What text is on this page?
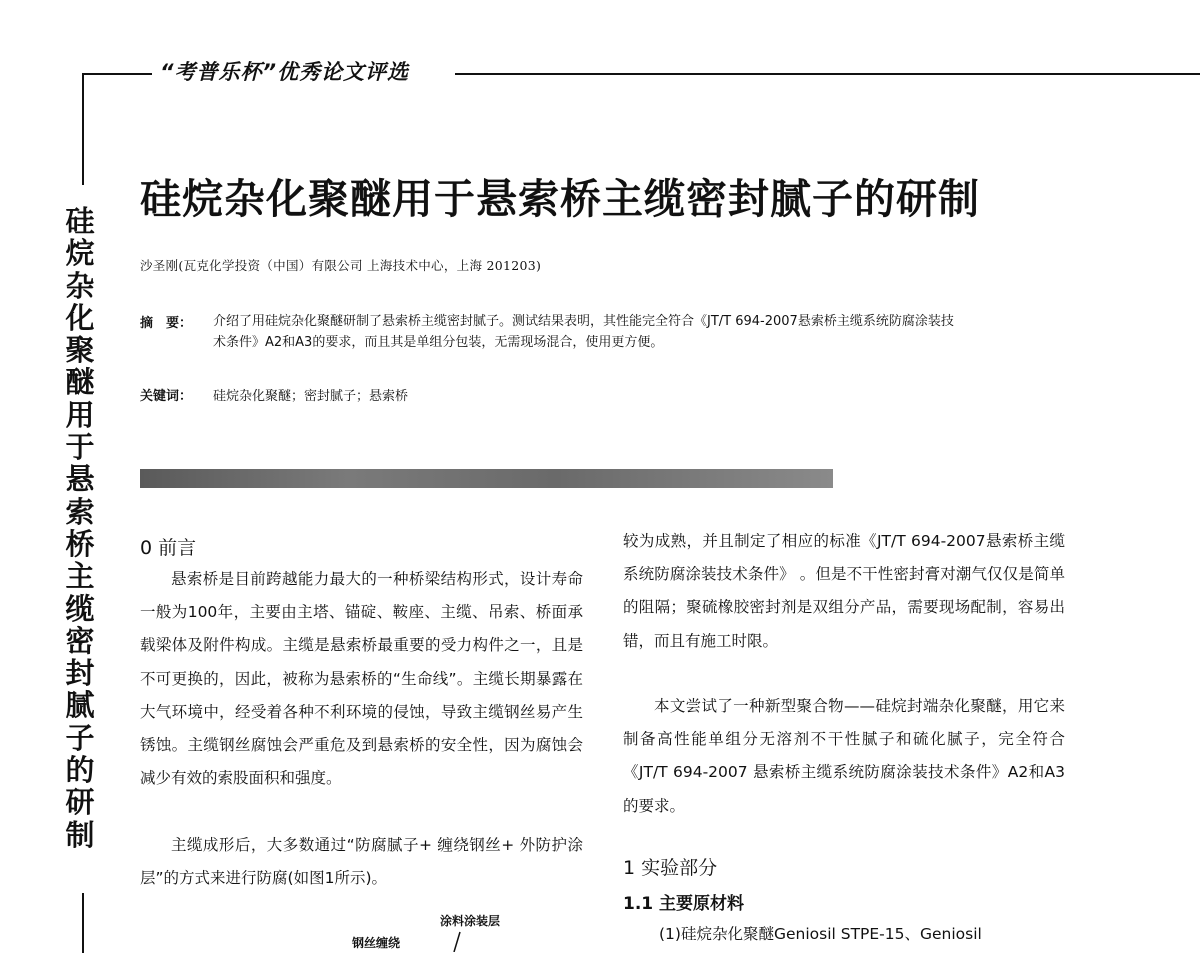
“考普乐杯”优秀论文评选
硅烷杂化聚醚用于悬索桥主缆密封腻子的研制
硅烷杂化聚醚用于悬索桥主缆密封腻子的研制
沙圣刚(瓦克化学投资（中国）有限公司 上海技术中心，上海 201203)
摘　要： 介绍了用硅烷杂化聚醚研制了悬索桥主缆密封腻子。测试结果表明，其性能完全符合《JT/T 694-2007悬索桥主缆系统防腐涂装技术条件》A2和A3的要求，而且其是单组分包装，无需现场混合，使用更方便。
关键词： 硅烷杂化聚醚；密封腻子；悬索桥
0 前言
悬索桥是目前跨越能力最大的一种桥梁结构形式，设计寿命一般为100年，主要由主塔、锚碇、鞍座、主缆、吊索、桥面承载梁体及附件构成。主缆是悬索桥最重要的受力构件之一，且是不可更换的，因此，被称为悬索桥的“生命线”。主缆长期暴露在大气环境中，经受着各种不利环境的侵蚀，导致主缆钢丝易产生锈蚀。主缆钢丝腐蚀会严重危及到悬索桥的安全性，因为腐蚀会减少有效的索股面积和强度。
主缆成形后，大多数通过“防腐腻子+ 缠绕钢丝+ 外防护涂层”的方式来进行防腐(如图1所示)。
涂料涂装层
钢丝缠绕
较为成熟，并且制定了相应的标准《JT/T 694-2007悬索桥主缆系统防腐涂装技术条件》 。但是不干性密封膏对潮气仅仅是简单的阻隔；聚硫橡胶密封剂是双组分产品，需要现场配制，容易出错，而且有施工时限。
本文尝试了一种新型聚合物——硅烷封端杂化聚醚，用它来制备高性能单组分无溶剂不干性腻子和硫化腻子，完全符合《JT/T 694-2007 悬索桥主缆系统防腐涂装技术条件》A2和A3的要求。
1 实验部分
1.1 主要原材料
(1)硅烷杂化聚醚Geniosil STPE-15、Geniosil
